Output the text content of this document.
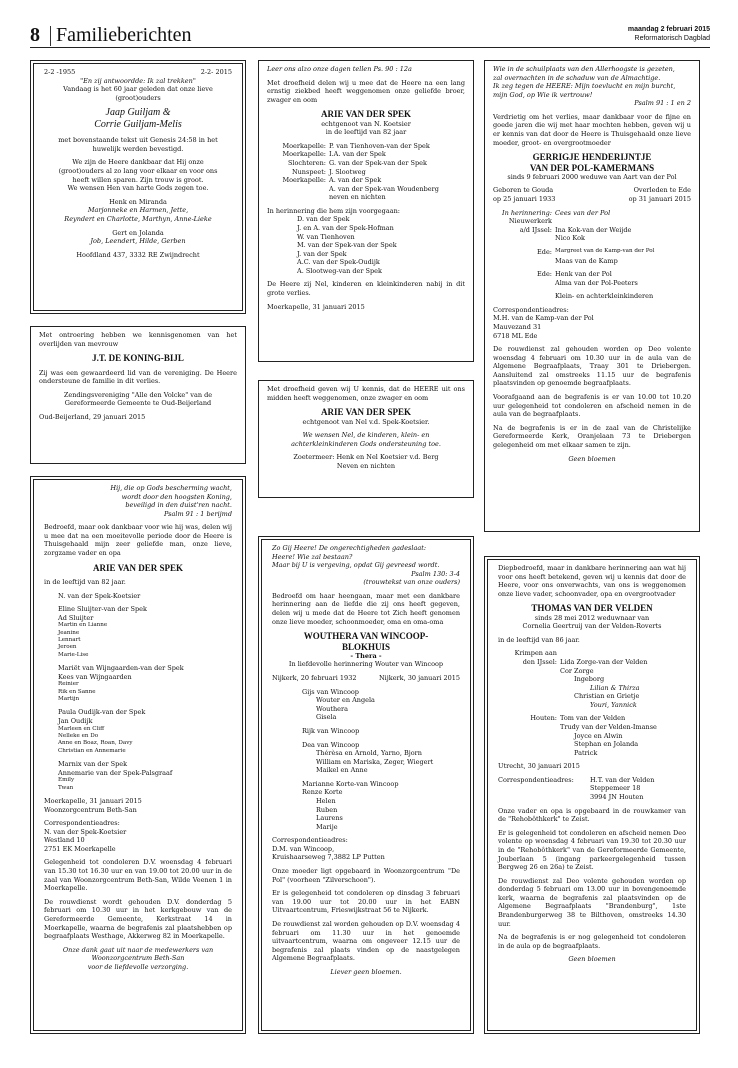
8 Familieberichten	maandag 2 februari 2015
Reformatorisch Dagblad
2-2 -1955	2-2- 2015

"En zij antwoordde: Ik zal trekken"

Vandaag is het 60 jaar geleden dat onze lieve

(groot)ouders

Jaap Guiljam &

Corrie Guiljam-Melis

met bovenstaande tekst uit Genesis 24:58 in het

huwelijk werden bevestigd.

We zijn de Heere dankbaar dat Hij onze

(groot)ouders al zo lang voor elkaar en voor ons

heeft willen sparen. Zijn trouw is groot.

We wensen Hen van harte Gods zegen toe.

Henk en Miranda

Marjonneke en Harmen, Jette,

Reyndert en Charlotte, Marthyn, Anne-Lieke

Gert en Jolanda

Job, Leendert, Hilde, Gerben

Hoofdland 437, 3332 RE Zwijndrecht

Met ontroering hebben we kennisgenomen van het overlijden van mevrouw

J.T. DE KONING-BIJL

Zij was een gewaardeerd lid van de vereniging. De Heere ondersteune de familie in dit verlies.

Zendingsvereniging "Alle den Volcke" van de Gereformeerde Gemeente te Oud-Beijerland

Oud-Beijerland, 29 januari 2015

Hij, die op Gods bescherming wacht,

wordt door den hoogsten Koning,

beveiligd in den duist'ren nacht.

Psalm 91 : 1 berijmd

Bedroefd, maar ook dankbaar voor wie hij was, delen wij u mee dat na een moeitevolle periode door de Heere is Thuisgehaald mijn zeer geliefde man, onze lieve, zorgzame vader en opa

ARIE VAN DER SPEK

in de leeftijd van 82 jaar.

N. van der Spek-Koetsier

Eline Sluijter-van der Spek

Ad Sluijter

Martin en Lianne

Jeanine

Lennart

Jeroen

Marie-Lise

Mariët van Wijngaarden-van der Spek

Kees van Wijngaarden

Reinier

Rik en Sanne

Martijn

Paula Oudijk-van der Spek

Jan Oudijk

Marleen en Cliff

Nelleke en Do

Anne en Boaz, Roan, Davy

Christian en Annemarie

Marnix van der Spek

Annemarie van der Spek-Palsgraaf

Emily

Twan

Moerkapelle, 31 januari 2015

Woonzorgcentrum Beth-San

Correspondentieadres:

N. van der Spek-Koetsier

Westland 10

2751 EK Moerkapelle

Gelegenheid tot condoleren D.V. woensdag 4 februari van 15.30 tot 16.30 uur en van 19.00 tot 20.00 uur in de zaal van Woonzorgcentrum Beth-San, Wilde Veenen 1 in Moerkapelle.

De rouwdienst wordt gehouden D.V. donderdag 5 februari om 10.30 uur in het kerkgebouw van de Gereformeerde Gemeente, Kerkstraat 14 in Moerkapelle, waarna de begrafenis zal plaatshebben op begraafplaats Westhage, Akkerweg 82 in Moerkapelle.

Onze dank gaat uit naar de medewerkers van

Woonzorgcentrum Beth-San

voor de liefdevolle verzorging.

Leer ons alzo onze dagen tellen Ps. 90 : 12a

Met droefheid delen wij u mee dat de Heere na een lang ernstig ziekbed heeft weggenomen onze geliefde broer, zwager en oom

ARIE VAN DER SPEK

echtgenoot van N. Koetsier

in de leeftijd van 82 jaar

Moerkapelle: P. van Tienhoven-van der Spek
Moerkapelle: I.A. van der Spek
Slochteren: G. van der Spek-van der Spek
Nunspeet: J. Slootweg
Moerkapelle: A. van der Spek
A. van der Spek-van Woudenberg
neven en nichten

In herinnering die hem zijn voorgegaan:

D. van der Spek

J. en A. van der Spek-Hofman

W. van Tienhoven

M. van der Spek-van der Spek

J. van der Spek

A.C. van der Spek-Oudijk

A. Slootweg-van der Spek

De Heere zij Nel, kinderen en kleinkinderen nabij in dit grote verlies.

Moerkapelle, 31 januari 2015

Met droefheid geven wij U kennis, dat de HEERE uit ons midden heeft weggenomen, onze zwager en oom

ARIE VAN DER SPEK

echtgenoot van Nel v.d. Spek-Koetsier.

We wensen Nel, de kinderen, klein- en

achterkleinkinderen Gods ondersteuning toe.

Zoetermeer: Henk en Nel Koetsier v.d. Berg

Neven en nichten

Zo Gij Heere! De ongerechtigheden gadeslaat:

Heere! Wie zal bestaan?

Maar bij U is vergeving, opdat Gij gevreesd wordt.

Psalm 130: 3-4

(trouwtekst van onze ouders)

Bedroefd om haar heengaan, maar met een dankbare herinnering aan de liefde die zij ons heeft gegeven, delen wij u mede dat de Heere tot Zich heeft genomen onze lieve moeder, schoonmoeder, oma en oma-oma

WOUTHERA VAN WINCOOP-

BLOKHUIS

- Thera -

In liefdevolle herinnering Wouter van Wincoop

Nijkerk, 20 februari 1932	Nijkerk, 30 januari 2015

Gijs van Wincoop

Wouter en Angela

Wouthera

Gisela

Rijk van Wincoop

Dea van Wincoop

Thérèsa en Arnold, Yarno, Bjorn

William en Mariska, Zeger, Wiegert

Maikel en Anne

Marianne Korte-van Wincoop

Renze Korte

Helen

Ruben

Laurens

Marije

Correspondentieadres:

D.M. van Wincoop,

Kruishaarseweg 7,3882 LP Putten

Onze moeder ligt opgebaard in Woonzorgcentrum "De Pol" (voorheen "Zilverschoon").

Er is gelegenheid tot condoleren op dinsdag 3 februari van 19.00 uur tot 20.00 uur in het EABN Uitvaartcentrum, Frieswijkstraat 56 te Nijkerk.

De rouwdienst zal worden gehouden op D.V. woensdag 4 februari om 11.30 uur in het genoemde uitvaartcentrum, waarna om ongeveer 12.15 uur de begrafenis zal plaats vinden op de naastgelegen Algemene Begraafplaats.

Liever geen bloemen.

Wie in de schuilplaats van den Allerhoogste is gezeten,

zal overnachten in de schaduw van de Almachtige.

Ik zeg tegen de HEERE: Mijn toevlucht en mijn burcht,

mijn God, op Wie ik vertrouw!

Psalm 91 : 1 en 2

Verdrietig om het verlies, maar dankbaar voor de fijne en goede jaren die wij met haar mochten hebben, geven wij u er kennis van dat door de Heere is Thuisgehaald onze lieve moeder, groot- en overgrootmoeder

GERRIGJE HENDERIJNTJE

VAN DER POL-KAMERMANS

sinds 9 februari 2000 weduwe van Aart van der Pol

Geboren te Gouda	Overleden te Ede
op 25 januari 1933	op 31 januari 2015
In herinnering: Cees van der Pol
Nieuwerkerk
a/d IJssel: Ina Kok-van der Weijde
Nico Kok
Ede: Margreet van de Kamp-van der Pol
Maas van de Kamp
Ede: Henk van der Pol
Alma van der Pol-Peeters
Klein- en achterkleinkinderen

Correspondentieadres:

M.H. van de Kamp-van der Pol

Mauvezand 31

6718 ML Ede

De rouwdienst zal gehouden worden op Deo volente woensdag 4 februari om 10.30 uur in de aula van de Algemene Begraafplaats, Traay 301 te Driebergen. Aansluitend zal omstreeks 11.15 uur de begrafenis plaatsvinden op genoemde begraafplaats.

Voorafgaand aan de begrafenis is er van 10.00 tot 10.20 uur gelegenheid tot condoleren en afscheid nemen in de aula van de begraafplaats.

Na de begrafenis is er in de zaal van de Christelijke Gereformeerde Kerk, Oranjelaan 73 te Driebergen gelegenheid om met elkaar samen te zijn.

Geen bloemen

Diepbedroefd, maar in dankbare herinnering aan wat hij voor ons heeft betekend, geven wij u kennis dat door de Heere, voor ons onverwachts, van ons is weggenomen onze lieve vader, schoonvader, opa en overgrootvader

THOMAS VAN DER VELDEN

sinds 28 mei 2012 weduwnaar van

Cornelia Geertruij van der Velden-Roverts

in de leeftijd van 86 jaar.

Krimpen aan
den IJssel: Lida Zorge-van der Velden
Cor Zorge
Ingeborg
Lilian & Thirza
Christian en Grietje
Youri, Yannick
Houten: Tom van der Velden
Trudy van der Velden-Imanse
Joyce en Alwin
Stephan en Jolanda
Patrick

Utrecht, 30 januari 2015

Correspondentieadres:	H.T. van der Velden
Steppemeer 18
3994 JN Houten

Onze vader en opa is opgebaard in de rouwkamer van de "Rehobôthkerk" te Zeist.

Er is gelegenheid tot condoleren en afscheid nemen Deo volente op woensdag 4 februari van 19.30 tot 20.30 uur in de "Rehobôthkerk" van de Gereformeerde Gemeente, Jouberlaan 5 (ingang parkeergelegenheid tussen Bergweg 26 en 26a) te Zeist.

De rouwdienst zal Deo volente gehouden worden op donderdag 5 februari om 13.00 uur in bovengenoemde kerk, waarna de begrafenis zal plaatsvinden op de Algemene Begraafplaats "Brandenburg", 1ste Brandenburgerweg 38 te Bilthoven, omstreeks 14.30 uur.

Na de begrafenis is er nog gelegenheid tot condoleren in de aula op de begraafplaats.

Geen bloemen
